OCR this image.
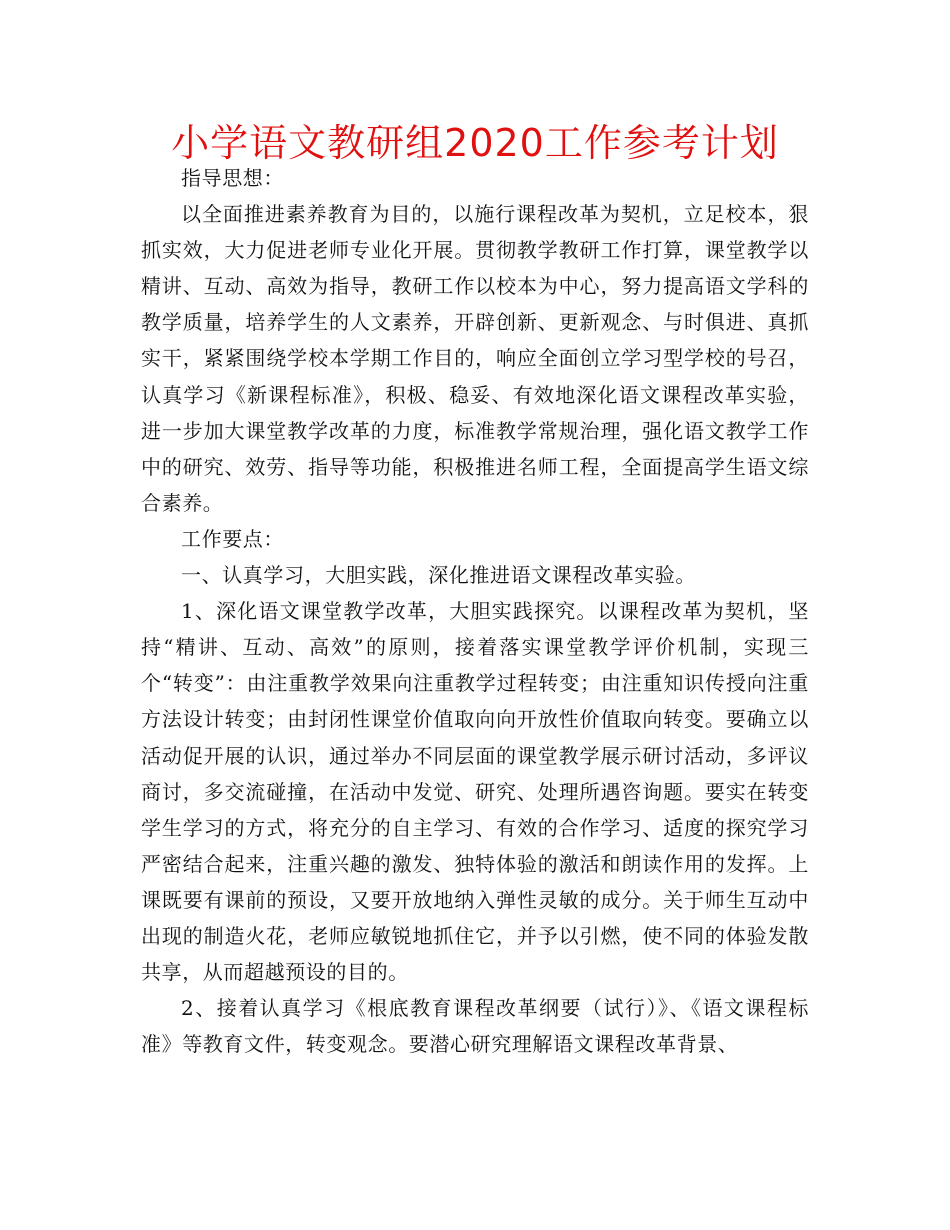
小学语文教研组2020工作参考计划

指导思想：

以全面推进素养教育为目的，以施行课程改革为契机，立足校本，狠抓实效，大力促进老师专业化开展。贯彻教学教研工作打算，课堂教学以精讲、互动、高效为指导，教研工作以校本为中心，努力提高语文学科的教学质量，培养学生的人文素养，开辟创新、更新观念、与时俱进、真抓实干，紧紧围绕学校本学期工作目的，响应全面创立学习型学校的号召，认真学习《新课程标准》，积极、稳妥、有效地深化语文课程改革实验，进一步加大课堂教学改革的力度，标准教学常规治理，强化语文教学工作中的研究、效劳、指导等功能，积极推进名师工程，全面提高学生语文综合素养。

工作要点：

一、认真学习，大胆实践，深化推进语文课程改革实验。

1、深化语文课堂教学改革，大胆实践探究。以课程改革为契机，坚持“精讲、互动、高效”的原则，接着落实课堂教学评价机制，实现三个“转变”：由注重教学效果向注重教学过程转变；由注重知识传授向注重方法设计转变；由封闭性课堂价值取向向开放性价值取向转变。要确立以活动促开展的认识，通过举办不同层面的课堂教学展示研讨活动，多评议商讨，多交流碰撞，在活动中发觉、研究、处理所遇咨询题。要实在转变学生学习的方式，将充分的自主学习、有效的合作学习、适度的探究学习严密结合起来，注重兴趣的激发、独特体验的激活和朗读作用的发挥。上课既要有课前的预设，又要开放地纳入弹性灵敏的成分。关于师生互动中出现的制造火花，老师应敏锐地抓住它，并予以引燃，使不同的体验发散共享，从而超越预设的目的。

2、接着认真学习《根底教育课程改革纲要（试行）》、《语文课程标准》等教育文件，转变观念。要潜心研究理解语文课程改革背景、
